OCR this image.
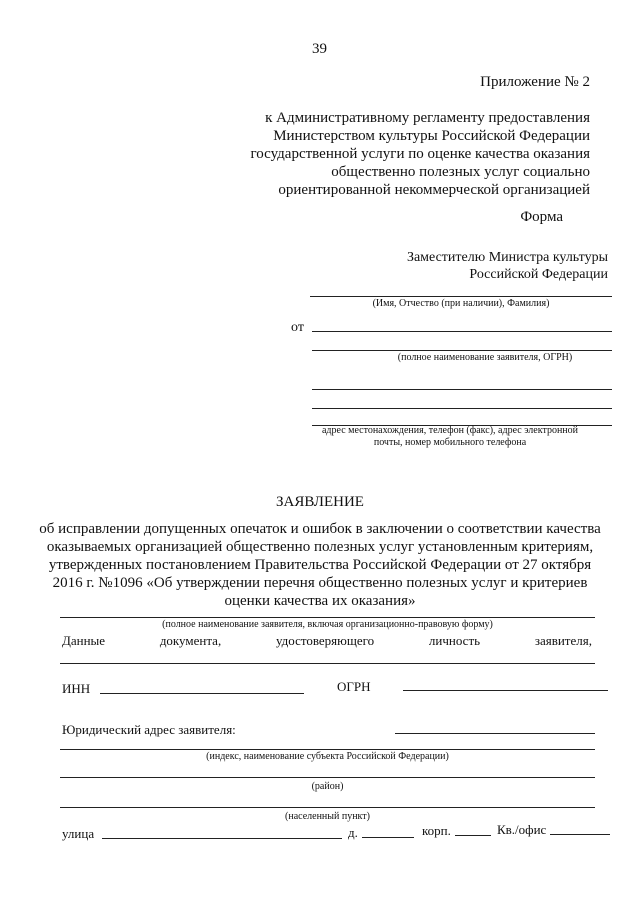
39
Приложение № 2
к Административному регламенту предоставления
Министерством культуры Российской Федерации
государственной услуги по оценке качества оказания
общественно полезных услуг социально
ориентированной некоммерческой организацией
Форма
Заместителю Министра культуры
Российской Федерации
(Имя, Отчество (при наличии), Фамилия)
от
(полное наименование заявителя, ОГРН)
адрес местонахождения, телефон (факс), адрес электронной
почты, номер мобильного телефона
ЗАЯВЛЕНИЕ
об исправлении допущенных опечаток и ошибок в заключении о соответствии качества
оказываемых организацией общественно полезных услуг установленным критериям,
утвержденных постановлением Правительства Российской Федерации от 27 октября
2016 г. №1096 «Об утверждении перечня общественно полезных услуг и критериев
оценки качества их оказания»
(полное наименование заявителя, включая организационно-правовую форму)
Данные	документа,	удостоверяющего	личность	заявителя,
ИНН	ОГРН
Юридический адрес заявителя:
(индекс, наименование субъекта Российской Федерации)
(район)
(населенный пункт)
улица	д.	корп.	Кв./офис
